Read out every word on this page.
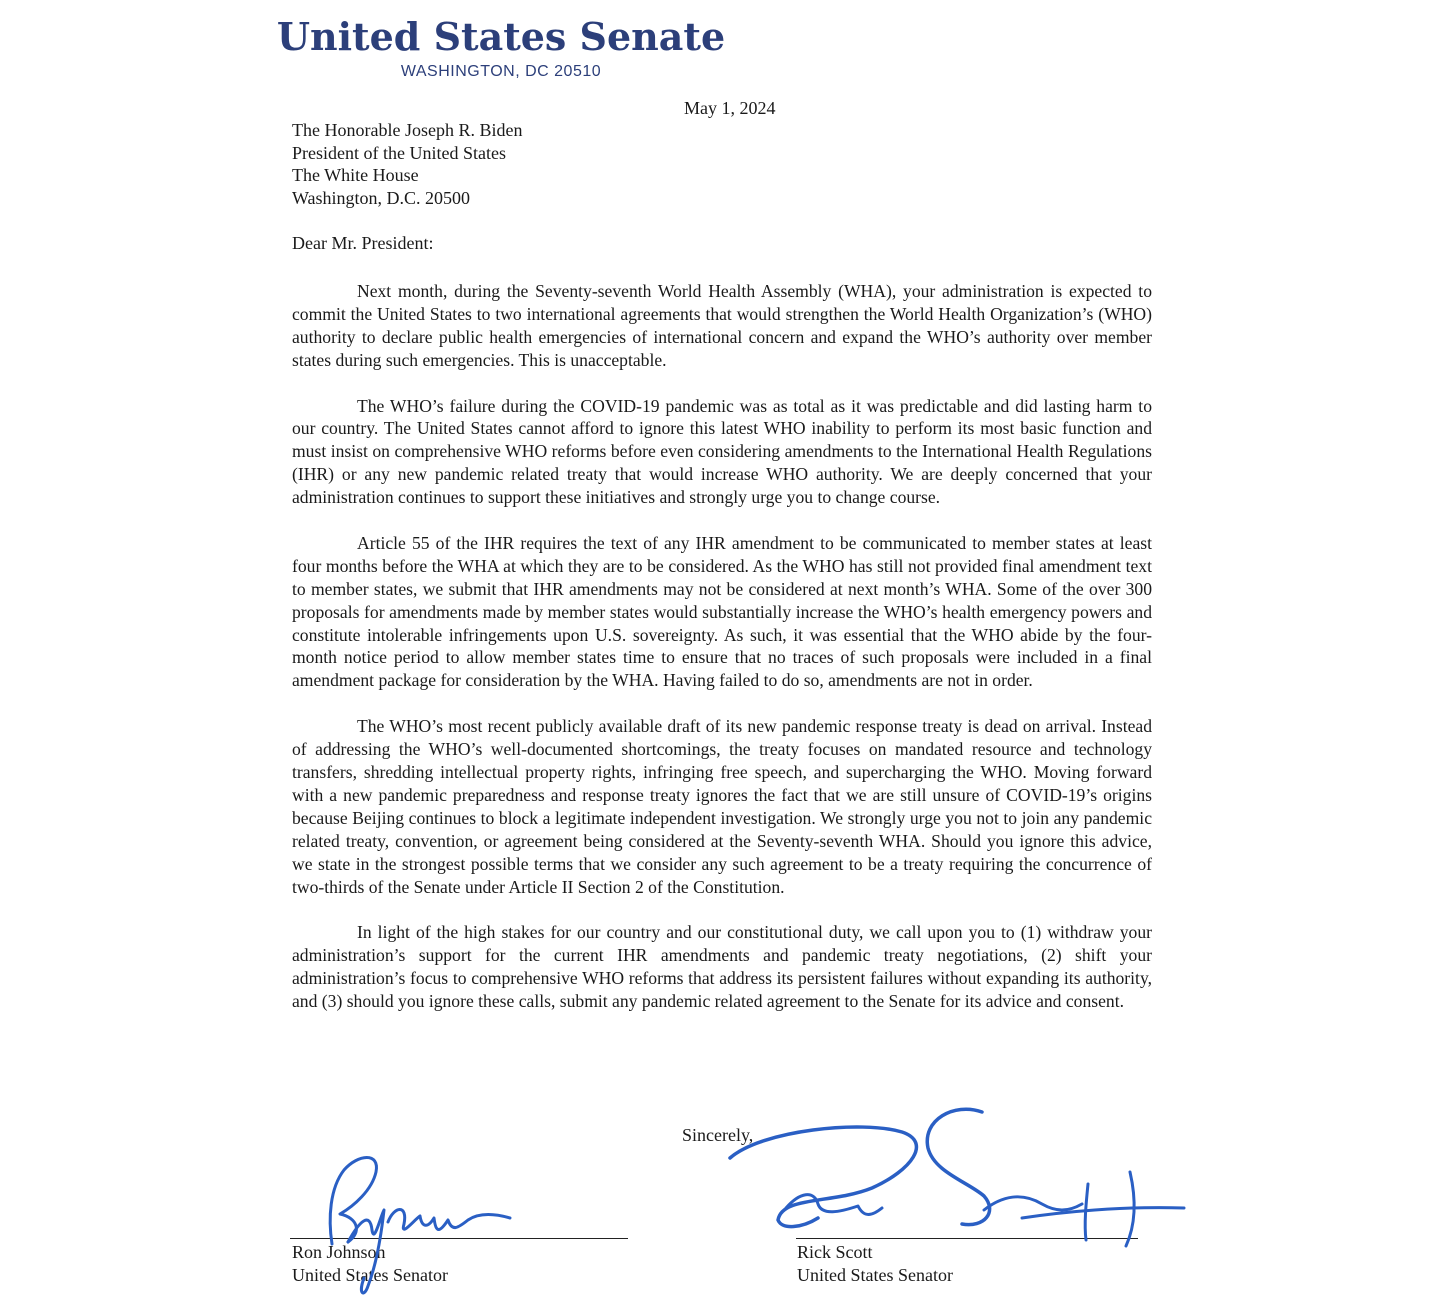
United States Senate
WASHINGTON, DC 20510
May 1, 2024
The Honorable Joseph R. Biden
President of the United States
The White House
Washington, D.C. 20500
Dear Mr. President:

Next month, during the Seventy-seventh World Health Assembly (WHA), your administration is expected to commit the United States to two international agreements that would strengthen the World Health Organization’s (WHO) authority to declare public health emergencies of international concern and expand the WHO’s authority over member states during such emergencies. This is unacceptable.

The WHO’s failure during the COVID-19 pandemic was as total as it was predictable and did lasting harm to our country. The United States cannot afford to ignore this latest WHO inability to perform its most basic function and must insist on comprehensive WHO reforms before even considering amendments to the International Health Regulations (IHR) or any new pandemic related treaty that would increase WHO authority. We are deeply concerned that your administration continues to support these initiatives and strongly urge you to change course.

Article 55 of the IHR requires the text of any IHR amendment to be communicated to member states at least four months before the WHA at which they are to be considered. As the WHO has still not provided final amendment text to member states, we submit that IHR amendments may not be considered at next month’s WHA. Some of the over 300 proposals for amendments made by member states would substantially increase the WHO’s health emergency powers and constitute intolerable infringements upon U.S. sovereignty. As such, it was essential that the WHO abide by the four-month notice period to allow member states time to ensure that no traces of such proposals were included in a final amendment package for consideration by the WHA. Having failed to do so, amendments are not in order.

The WHO’s most recent publicly available draft of its new pandemic response treaty is dead on arrival. Instead of addressing the WHO’s well-documented shortcomings, the treaty focuses on mandated resource and technology transfers, shredding intellectual property rights, infringing free speech, and supercharging the WHO. Moving forward with a new pandemic preparedness and response treaty ignores the fact that we are still unsure of COVID-19’s origins because Beijing continues to block a legitimate independent investigation. We strongly urge you not to join any pandemic related treaty, convention, or agreement being considered at the Seventy-seventh WHA. Should you ignore this advice, we state in the strongest possible terms that we consider any such agreement to be a treaty requiring the concurrence of two-thirds of the Senate under Article II Section 2 of the Constitution.

In light of the high stakes for our country and our constitutional duty, we call upon you to (1) withdraw your administration’s support for the current IHR amendments and pandemic treaty negotiations, (2) shift your administration’s focus to comprehensive WHO reforms that address its persistent failures without expanding its authority, and (3) should you ignore these calls, submit any pandemic related agreement to the Senate for its advice and consent.

Sincerely,
Ron Johnson
United States Senator
Rick Scott
United States Senator
